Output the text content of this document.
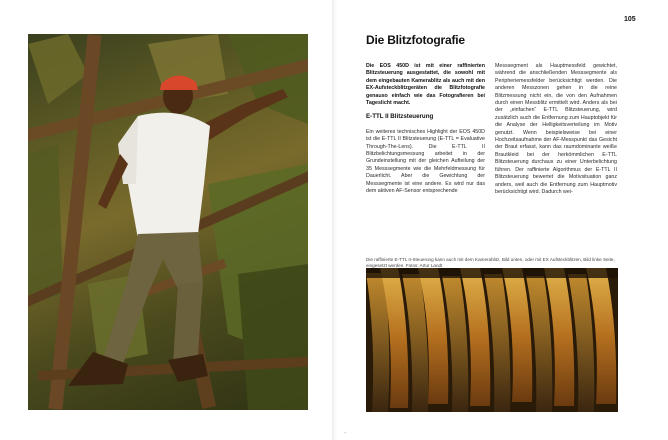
105
Die Blitzfotografie

Die EOS 450D ist mit einer raffinierten Blitzsteuerung ausgestattet, die sowohl mit dem eingebauten Kamerablitz als auch mit den EX-Aufsteckblitzgeräten die Blitzfotografie genauso einfach wie das Fotografieren bei Tageslicht macht.

E-TTL II Blitzsteuerung

Ein weiteres technisches Highlight der EOS 450D ist die E-TTL II Blitzsteuerung (E-TTL = Evaluative Through-The-Lens). Die E-TTL II Blitzbelichtungsmessung arbeitet in der Grundeinstellung mit der gleichen Aufteilung der 35 Messsegmente wie die Mehrfeldmessung für Dauerlicht. Aber die Gewichtung der Messsegmente ist eine andere. Es wird nur das dem aktiven AF-Sensor entsprechende

Messsegment als Hauptmessfeld gewichtet, während die anschließenden Messsegmente als Peripheriemessfelder berücksichtigt werden. Die anderen Messzonen gehen in die reine Blitzmessung nicht ein, die von den Aufnahmen durch einen Messblitz ermittelt wird. Anders als bei der „einfachen“ E-TTL Blitzsteuerung, wird zusätzlich auch die Entfernung zum Hauptobjekt für die Analyse der Helligkeitsverteilung im Motiv genutzt. Wenn beispielsweise bei einer Hochzeitsaufnahme der AF-Messpunkt das Gesicht der Braut erfasst, kann das raumdominante weiße Brautkleid bei der herkömmlichen E-TTL Blitzsteuerung durchaus zu einer Unterbelichtung führen. Der raffinierte Algorithmus der E-TTL II Blitzsteuerung bewertet die Motivsituation ganz anders, weil auch die Entfernung zum Hauptmotiv berücksichtigt wird. Dadurch wei-

Die raffinierte E-TTL II-Steuerung kann auch mit dem Kamerablitz, Bild unten, oder mit EX Aufsteckblitzen, Bild linke Seite, eingesetzt werden. Fotos: Artur Landt
⌐
